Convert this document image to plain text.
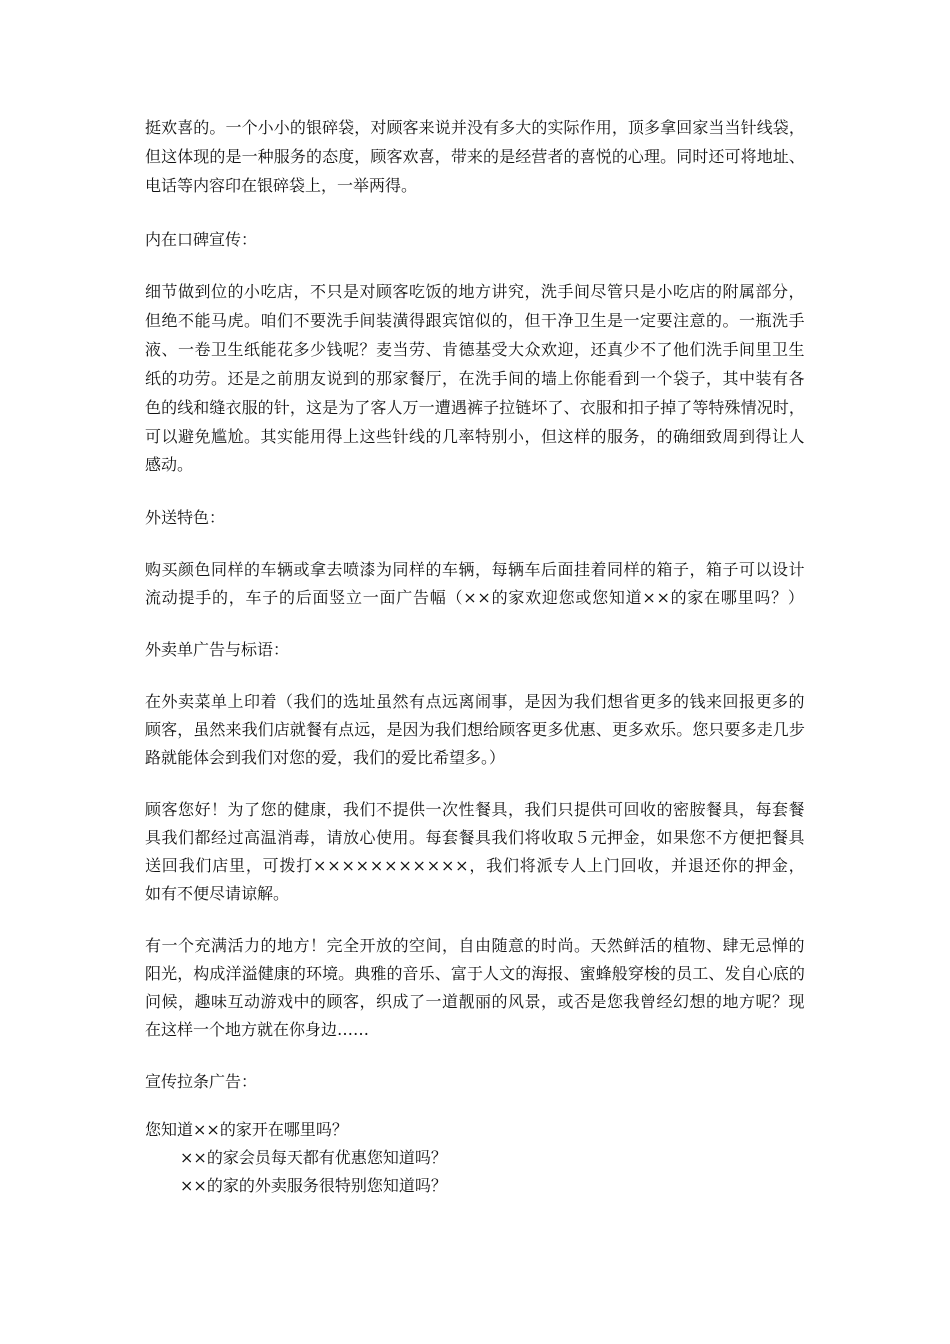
挺欢喜的。一个小小的银碎袋，对顾客来说并没有多大的实际作用，顶多拿回家当当针线袋，
但这体现的是一种服务的态度，顾客欢喜，带来的是经营者的喜悦的心理。同时还可将地址、
电话等内容印在银碎袋上，一举两得。
内在口碑宣传：
细节做到位的小吃店，不只是对顾客吃饭的地方讲究，洗手间尽管只是小吃店的附属部分，
但绝不能马虎。咱们不要洗手间装潢得跟宾馆似的，但干净卫生是一定要注意的。一瓶洗手
液、一卷卫生纸能花多少钱呢？麦当劳、肯德基受大众欢迎，还真少不了他们洗手间里卫生
纸的功劳。还是之前朋友说到的那家餐厅，在洗手间的墙上你能看到一个袋子，其中装有各
色的线和缝衣服的针，这是为了客人万一遭遇裤子拉链坏了、衣服和扣子掉了等特殊情况时，
可以避免尴尬。其实能用得上这些针线的几率特别小，但这样的服务，的确细致周到得让人
感动。
外送特色：
购买颜色同样的车辆或拿去喷漆为同样的车辆，每辆车后面挂着同样的箱子，箱子可以设计
流动提手的，车子的后面竖立一面广告幅（××的家欢迎您或您知道××的家在哪里吗？）
外卖单广告与标语：
在外卖菜单上印着（我们的选址虽然有点远离闹事，是因为我们想省更多的钱来回报更多的
顾客，虽然来我们店就餐有点远，是因为我们想给顾客更多优惠、更多欢乐。您只要多走几步
路就能体会到我们对您的爱，我们的爱比希望多。）
顾客您好！为了您的健康，我们不提供一次性餐具，我们只提供可回收的密胺餐具，每套餐
具我们都经过高温消毒，请放心使用。每套餐具我们将收取５元押金，如果您不方便把餐具
送回我们店里，可拨打×××××××××××，我们将派专人上门回收，并退还你的押金，
如有不便尽请谅解。
有一个充满活力的地方！完全开放的空间，自由随意的时尚。天然鲜活的植物、肆无忌惮的
阳光，构成洋溢健康的环境。典雅的音乐、富于人文的海报、蜜蜂般穿梭的员工、发自心底的
问候，趣味互动游戏中的顾客，织成了一道靓丽的风景，或否是您我曾经幻想的地方呢？现
在这样一个地方就在你身边……
宣传拉条广告：
您知道××的家开在哪里吗？
××的家会员每天都有优惠您知道吗？
××的家的外卖服务很特别您知道吗？
